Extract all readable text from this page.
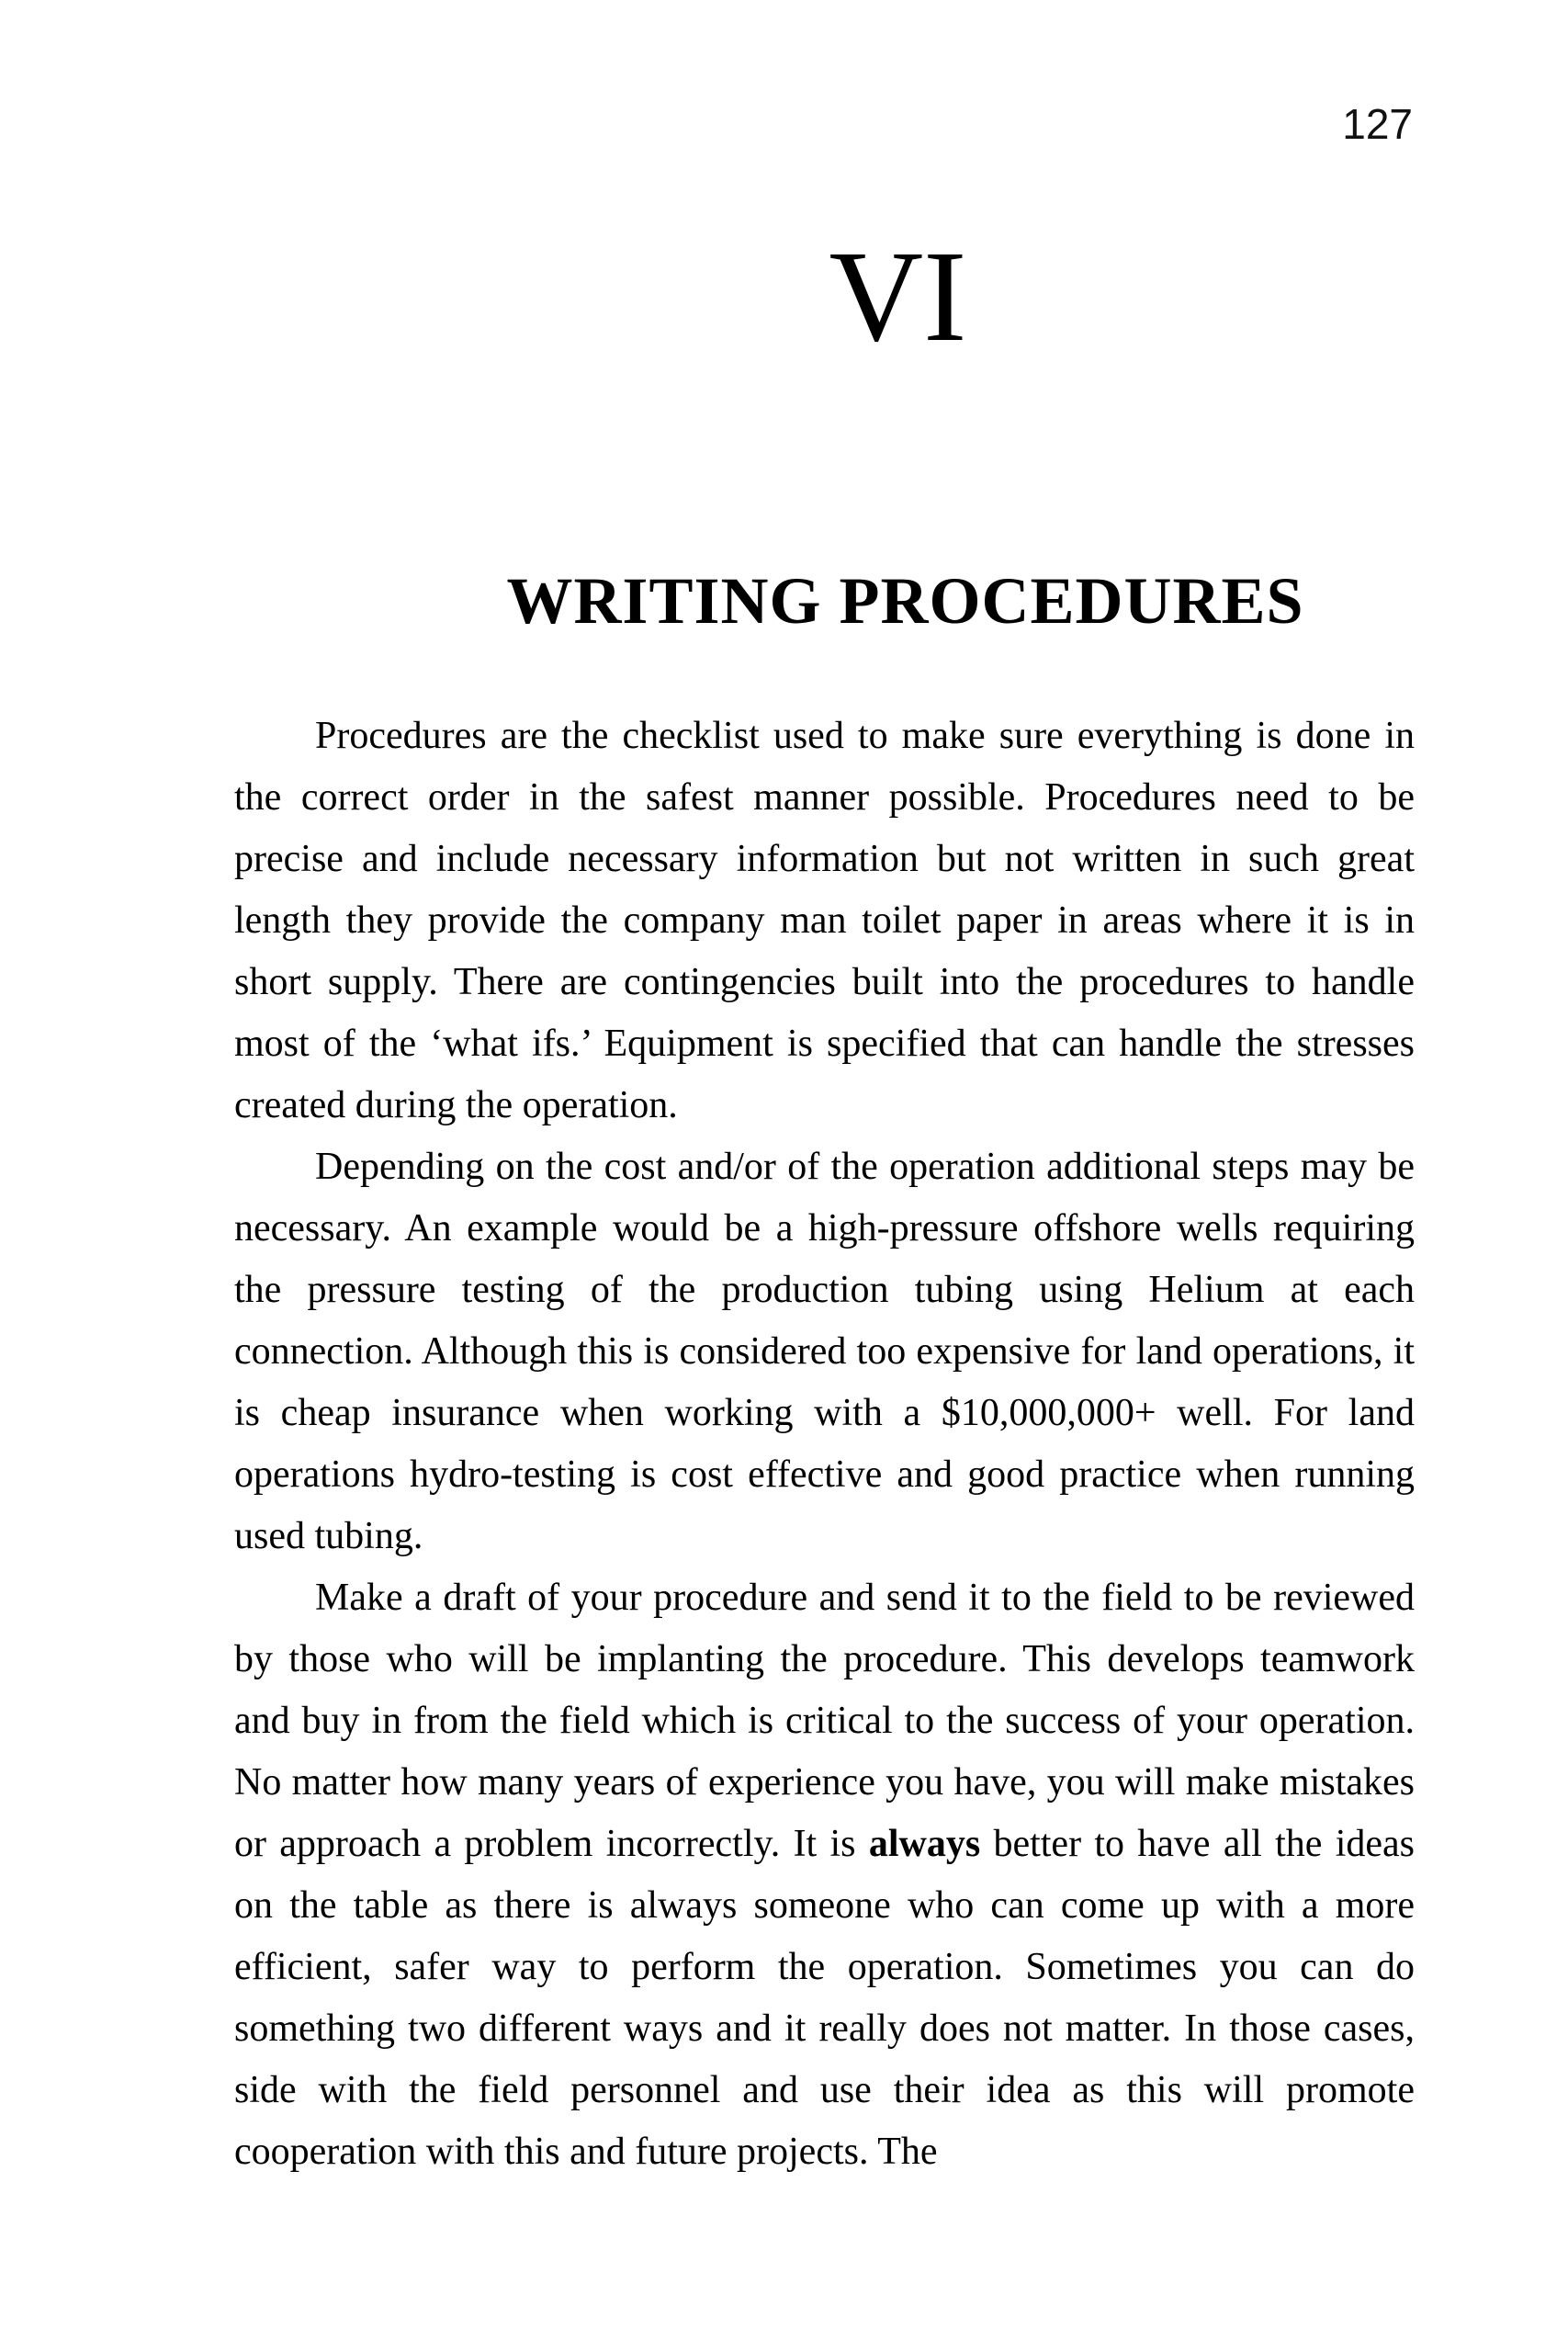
127
VI
WRITING PROCEDURES

Procedures are the checklist used to make sure everything is done in the correct order in the safest manner possible. Procedures need to be precise and include necessary information but not written in such great length they provide the company man toilet paper in areas where it is in short supply. There are contingencies built into the procedures to handle most of the ‘what ifs.’ Equipment is specified that can handle the stresses created during the operation.

Depending on the cost and/or of the operation additional steps may be necessary. An example would be a high-pressure offshore wells requiring the pressure testing of the production tubing using Helium at each connection. Although this is considered too expensive for land operations, it is cheap insurance when working with a $10,000,000+ well. For land operations hydro-testing is cost effective and good practice when running used tubing.

Make a draft of your procedure and send it to the field to be reviewed by those who will be implanting the procedure. This develops teamwork and buy in from the field which is critical to the success of your operation. No matter how many years of experience you have, you will make mistakes or approach a problem incorrectly. It is always better to have all the ideas on the table as there is always someone who can come up with a more efficient, safer way to perform the operation. Sometimes you can do something two different ways and it really does not matter. In those cases, side with the field personnel and use their idea as this will promote cooperation with this and future projects. The
